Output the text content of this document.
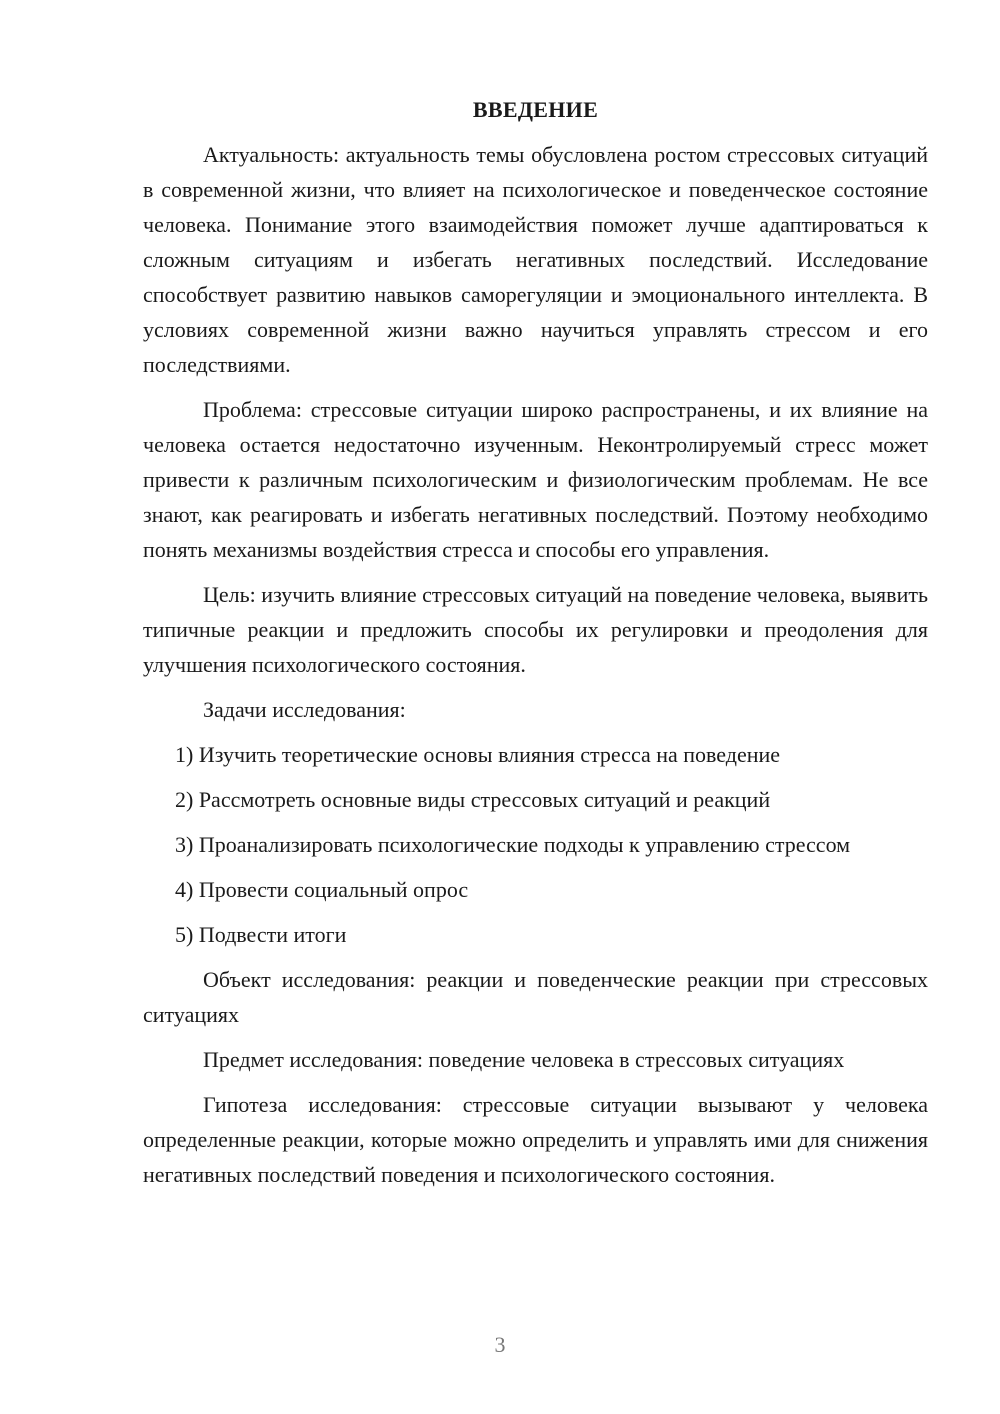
ВВЕДЕНИЕ

Актуальность: актуальность темы обусловлена ростом стрессовых ситуаций в современной жизни, что влияет на психологическое и поведенческое состояние человека. Понимание этого взаимодействия поможет лучше адаптироваться к сложным ситуациям и избегать негативных последствий. Исследование способствует развитию навыков саморегуляции и эмоционального интеллекта. В условиях современной жизни важно научиться управлять стрессом и его последствиями.

Проблема: стрессовые ситуации широко распространены, и их влияние на человека остается недостаточно изученным. Неконтролируемый стресс может привести к различным психологическим и физиологическим проблемам. Не все знают, как реагировать и избегать негативных последствий. Поэтому необходимо понять механизмы воздействия стресса и способы его управления.

Цель: изучить влияние стрессовых ситуаций на поведение человека, выявить типичные реакции и предложить способы их регулировки и преодоления для улучшения психологического состояния.

Задачи исследования:

1) Изучить теоретические основы влияния стресса на поведение

2) Рассмотреть основные виды стрессовых ситуаций и реакций

3) Проанализировать психологические подходы к управлению стрессом

4) Провести социальный опрос

5) Подвести итоги

Объект исследования: реакции и поведенческие реакции при стрессовых ситуациях

Предмет исследования: поведение человека в стрессовых ситуациях

Гипотеза исследования: стрессовые ситуации вызывают у человека определенные реакции, которые можно определить и управлять ими для снижения негативных последствий поведения и психологического состояния.

3
